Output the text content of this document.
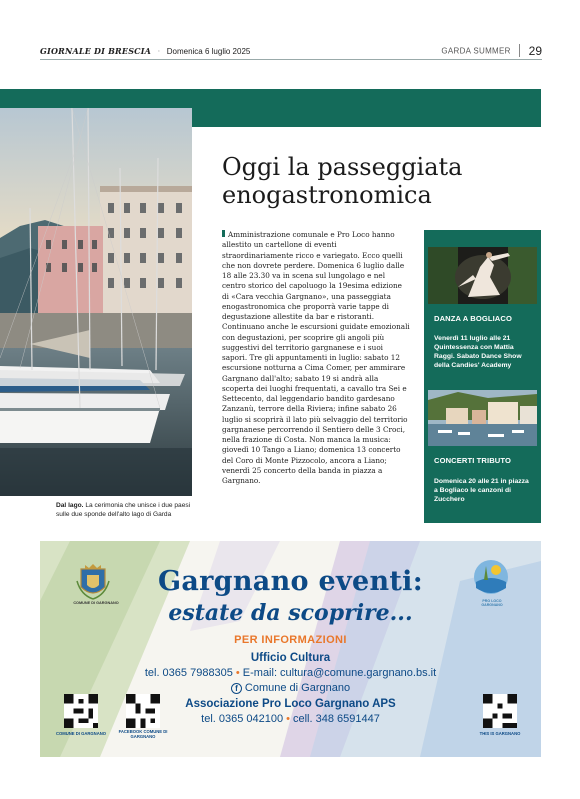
GIORNALE DI BRESCIA · Domenica 6 luglio 2025	GARDA SUMMER 29
Dal lago. La cerimonia che unisce i due paesi sulle due sponde dell'alto lago di Garda
Oggi la passeggiata
enogastronomica
Amministrazione comunale e Pro Loco hanno allestito un cartellone di eventi straordinariamente ricco e variegato. Ecco quelli che non dovrete perdere. Domenica 6 luglio dalle 18 alle 23.30 va in scena sul lungolago e nel centro storico del capoluogo la 19esima edizione di «Cara vecchia Gargnano», una passeggiata enogastronomica che proporrà varie tappe di degustazione allestite da bar e ristoranti. Continuano anche le escursioni guidate emozionali con degustazioni, per scoprire gli angoli più suggestivi del territorio gargnanese e i suoi sapori. Tre gli appuntamenti in luglio: sabato 12 escursione notturna a Cima Comer, per ammirare Gargnano dall'alto; sabato 19 si andrà alla scoperta dei luoghi frequentati, a cavallo tra Sei e Settecento, dal leggendario bandito gardesano Zanzanù, terrore della Riviera; infine sabato 26 luglio si scoprirà il lato più selvaggio del territorio gargnanese percorrendo il Sentiero delle 3 Croci, nella frazione di Costa. Non manca la musica: giovedì 10 Tango a Liano; domenica 13 concerto del Coro di Monte Pizzocolo, ancora a Liano; venerdì 25 concerto della banda in piazza a Gargnano.
DANZA A BOGLIACO
Venerdì 11 luglio alle 21 Quintessenza con Mattia Raggi. Sabato Dance Show della Candies' Academy
CONCERTI TRIBUTO
Domenica 20 alle 21 in piazza a Bogliaco le canzoni di Zucchero
COMUNE DI GARGNANO	PRO LOCO GARGNANO
Gargnano eventi:
estate da scoprire...
PER INFORMAZIONI
Ufficio Cultura
tel. 0365 7988305 • E-mail: cultura@comune.gargnano.bs.it
f Comune di Gargnano
Associazione Pro Loco Gargnano APS
tel. 0365 042100 • cell. 348 6591447
COMUNE DI GARGNANO	FACEBOOK COMUNE DI GARGNANO
THIS IS GARGNANO
